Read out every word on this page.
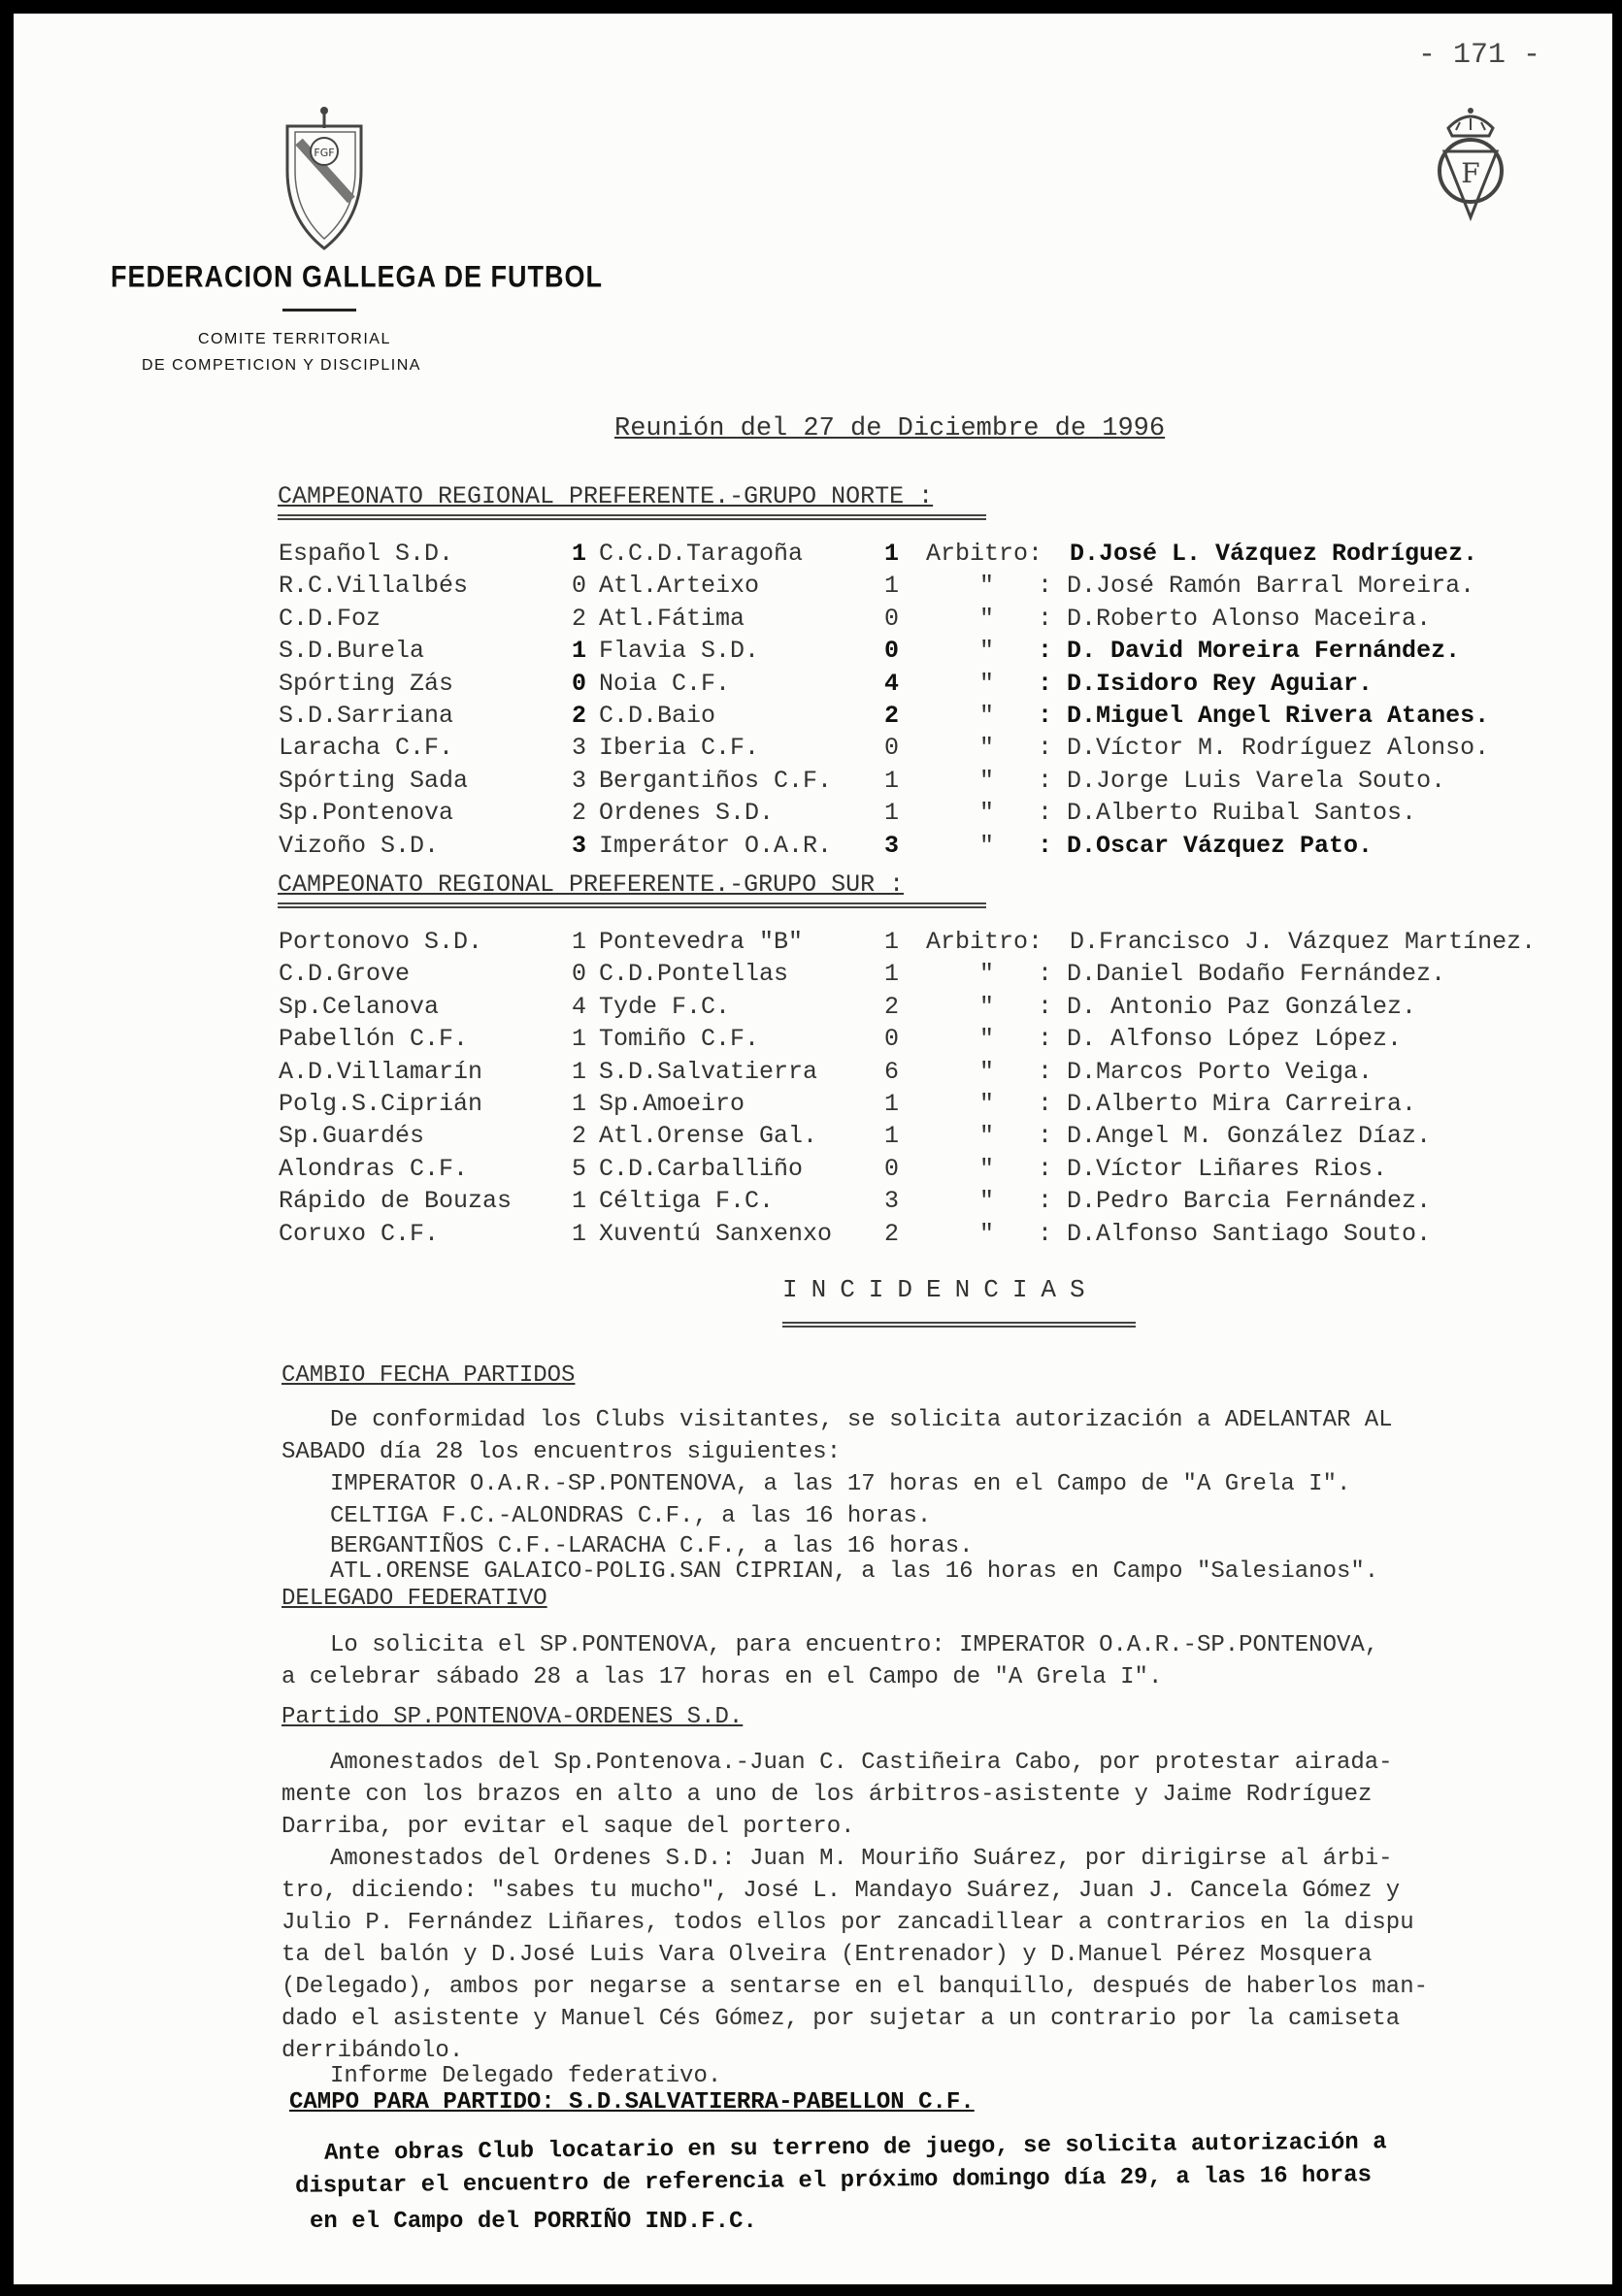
- 171 -
FGF
F
FEDERACION GALLEGA DE FUTBOL
COMITE TERRITORIAL
DE COMPETICION Y DISCIPLINA
Reunión del 27 de Diciembre de 1996
CAMPEONATO REGIONAL PREFERENTE.-GRUPO NORTE :
Español S.D.	1 C.C.D.Taragoña	1 Arbitro: D.José L. Vázquez Rodríguez.
R.C.Villalbés	0 Atl.Arteixo	1	" : D.José Ramón Barral Moreira.
C.D.Foz	2 Atl.Fátima	0	" : D.Roberto Alonso Maceira.
S.D.Burela	1 Flavia S.D.	0	" : D. David Moreira Fernández.
Spórting Zás	0 Noia C.F.	4	" : D.Isidoro Rey Aguiar.
S.D.Sarriana	2 C.D.Baio	2	" : D.Miguel Angel Rivera Atanes.
Laracha C.F.	3 Iberia C.F.	0	" : D.Víctor M. Rodríguez Alonso.
Spórting Sada	3 Bergantiños C.F. 1	" : D.Jorge Luis Varela Souto.
Sp.Pontenova	2 Ordenes S.D.	1	" : D.Alberto Ruibal Santos.
Vizoño S.D.	3 Imperátor O.A.R. 3	" : D.Oscar Vázquez Pato.
CAMPEONATO REGIONAL PREFERENTE.-GRUPO SUR :
Portonovo S.D.	1 Pontevedra "B"	1 Arbitro: D.Francisco J. Vázquez Martínez.
C.D.Grove	0 C.D.Pontellas	1	" : D.Daniel Bodaño Fernández.
Sp.Celanova	4 Tyde F.C.	2	" : D. Antonio Paz González.
Pabellón C.F.	1 Tomiño C.F.	0	" : D. Alfonso López López.
A.D.Villamarín	1 S.D.Salvatierra	6	" : D.Marcos Porto Veiga.
Polg.S.Ciprián	1 Sp.Amoeiro	1	" : D.Alberto Mira Carreira.
Sp.Guardés	2 Atl.Orense Gal.	1	" : D.Angel M. González Díaz.
Alondras C.F.	5 C.D.Carballiño	0	" : D.Víctor Liñares Rios.
Rápido de Bouzas 1 Céltiga F.C.	3	" : D.Pedro Barcia Fernández.
Coruxo C.F.	1 Xuventú Sanxenxo 2	" : D.Alfonso Santiago Souto.
INCIDENCIAS
CAMBIO FECHA PARTIDOS
De conformidad los Clubs visitantes, se solicita autorización a ADELANTAR AL
SABADO día 28 los encuentros siguientes:
IMPERATOR O.A.R.-SP.PONTENOVA, a las 17 horas en el Campo de "A Grela I".
CELTIGA F.C.-ALONDRAS C.F., a las 16 horas.
BERGANTIÑOS C.F.-LARACHA C.F., a las 16 horas.
ATL.ORENSE GALAICO-POLIG.SAN CIPRIAN, a las 16 horas en Campo "Salesianos".
DELEGADO FEDERATIVO
Lo solicita el SP.PONTENOVA, para encuentro: IMPERATOR O.A.R.-SP.PONTENOVA,
a celebrar sábado 28 a las 17 horas en el Campo de "A Grela I".
Partido SP.PONTENOVA-ORDENES S.D.
Amonestados del Sp.Pontenova.-Juan C. Castiñeira Cabo, por protestar airada-
mente con los brazos en alto a uno de los árbitros-asistente y Jaime Rodríguez
Darriba, por evitar el saque del portero.
Amonestados del Ordenes S.D.: Juan M. Mouriño Suárez, por dirigirse al árbi-
tro, diciendo: "sabes tu mucho", José L. Mandayo Suárez, Juan J. Cancela Gómez y
Julio P. Fernández Liñares, todos ellos por zancadillear a contrarios en la dispu
ta del balón y D.José Luis Vara Olveira (Entrenador) y D.Manuel Pérez Mosquera
(Delegado), ambos por negarse a sentarse en el banquillo, después de haberlos man-
dado el asistente y Manuel Cés Gómez, por sujetar a un contrario por la camiseta
derribándolo.
Informe Delegado federativo.
CAMPO PARA PARTIDO: S.D.SALVATIERRA-PABELLON C.F.
Ante obras Club locatario en su terreno de juego, se solicita autorización a
disputar el encuentro de referencia el próximo domingo día 29, a las 16 horas
en el Campo del PORRIÑO IND.F.C.
